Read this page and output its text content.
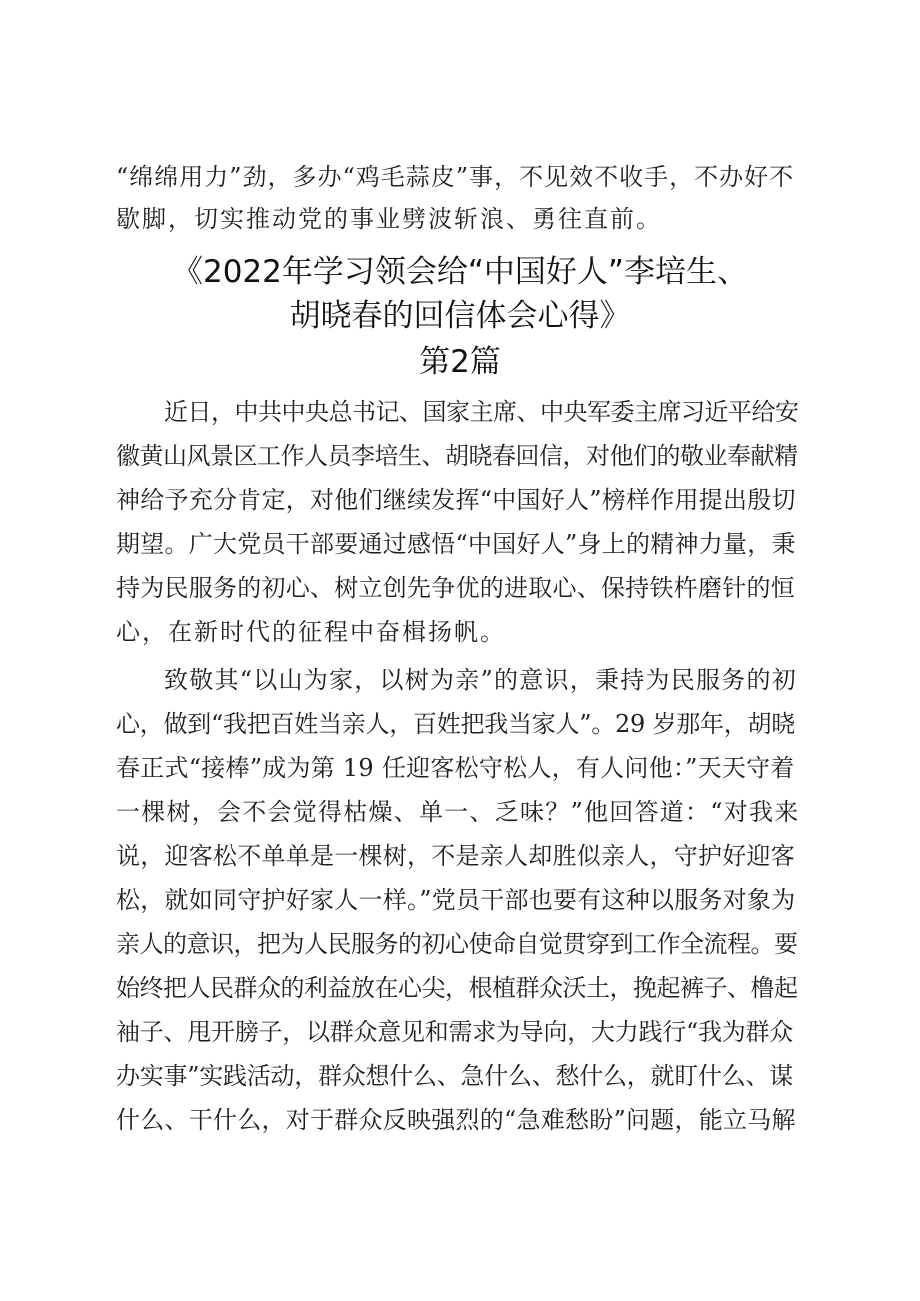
“绵绵用力”劲，多办“鸡毛蒜皮”事，不见效不收手，不办好不
歇脚，切实推动党的事业劈波斩浪、勇往直前。
《2022年学习领会给“中国好人”李培生、
胡晓春的回信体会心得》
第2篇
近日，中共中央总书记、国家主席、中央军委主席习近平给安
徽黄山风景区工作人员李培生、胡晓春回信，对他们的敬业奉献精
神给予充分肯定，对他们继续发挥“中国好人”榜样作用提出殷切
期望。广大党员干部要通过感悟“中国好人”身上的精神力量，秉
持为民服务的初心、树立创先争优的进取心、保持铁杵磨针的恒
心，在新时代的征程中奋楫扬帆。
致敬其“以山为家，以树为亲”的意识，秉持为民服务的初
心，做到“我把百姓当亲人，百姓把我当家人”。29 岁那年，胡晓
春正式“接棒”成为第 19 任迎客松守松人，有人问他：”天天守着
一棵树，会不会觉得枯燥、单一、乏味？”他回答道：“对我来
说，迎客松不单单是一棵树，不是亲人却胜似亲人，守护好迎客
松，就如同守护好家人一样。”党员干部也要有这种以服务对象为
亲人的意识，把为人民服务的初心使命自觉贯穿到工作全流程。要
始终把人民群众的利益放在心尖，根植群众沃土，挽起裤子、橹起
袖子、甩开膀子，以群众意见和需求为导向，大力践行“我为群众
办实事”实践活动，群众想什么、急什么、愁什么，就盯什么、谋
什么、干什么，对于群众反映强烈的“急难愁盼”问题，能立马解
